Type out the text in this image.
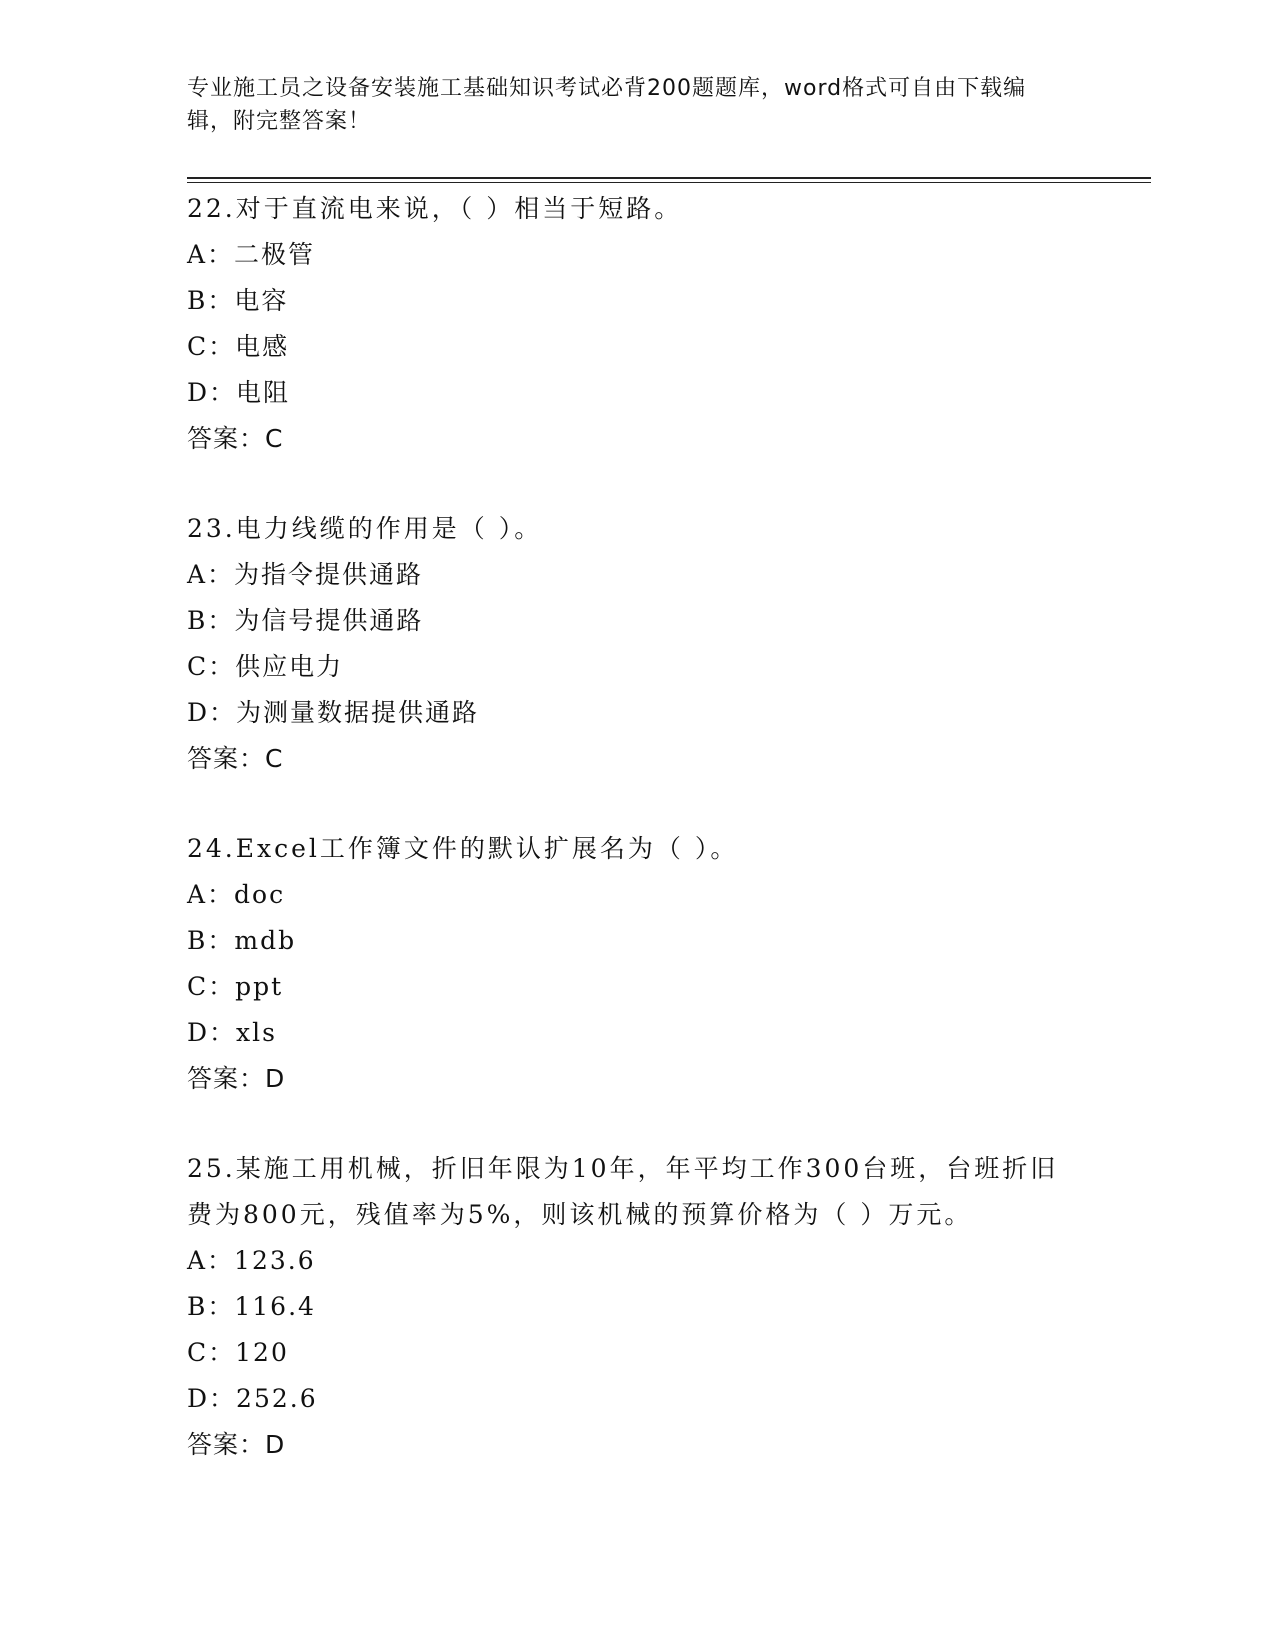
专业施工员之设备安装施工基础知识考试必背200题题库，word格式可自由下载编辑，附完整答案！
22.对于直流电来说，（ ）相当于短路。
A：二极管
B：电容
C：电感
D：电阻
答案：C
23.电力线缆的作用是（ ）。
A：为指令提供通路
B：为信号提供通路
C：供应电力
D：为测量数据提供通路
答案：C
24.Excel工作簿文件的默认扩展名为（ ）。
A：doc
B：mdb
C：ppt
D：xls
答案：D
25.某施工用机械，折旧年限为10年，年平均工作300台班，台班折旧费为800元，残值率为5%，则该机械的预算价格为（ ）万元。
A：123.6
B：116.4
C：120
D：252.6
答案：D
